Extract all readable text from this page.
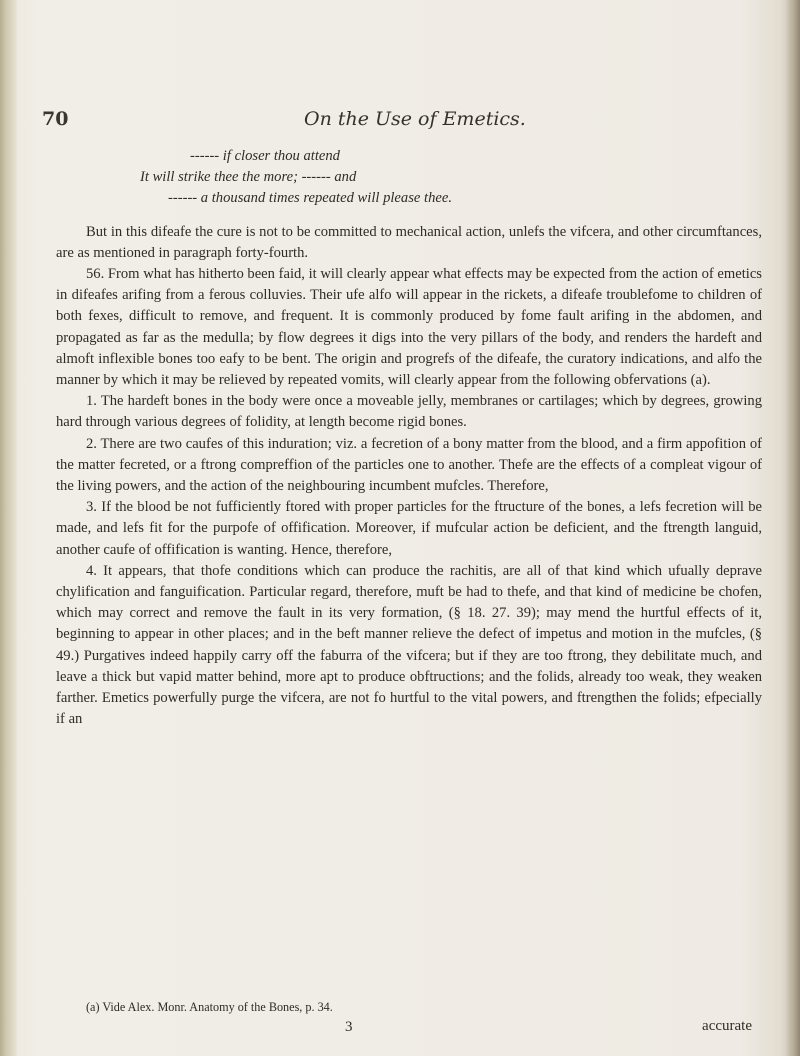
70	On the Use of Emetics.
------ if closer thou attend
It will strike thee the more; ------ and
------ a thousand times repeated will please thee.

But in this difeafe the cure is not to be committed to mechanical action, unlefs the vifcera, and other circumftances, are as mentioned in paragraph forty-fourth.

56. From what has hitherto been faid, it will clearly appear what effects may be expected from the action of emetics in difeafes arifing from a ferous colluvies. Their ufe alfo will appear in the rickets, a difeafe troublefome to children of both fexes, difficult to remove, and frequent. It is commonly produced by fome fault arifing in the abdomen, and propagated as far as the medulla; by flow degrees it digs into the very pillars of the body, and renders the hardeft and almoft inflexible bones too eafy to be bent. The origin and progrefs of the difeafe, the curatory indications, and alfo the manner by which it may be relieved by repeated vomits, will clearly appear from the following obfervations (a).

1. The hardeft bones in the body were once a moveable jelly, membranes or cartilages; which by degrees, growing hard through various degrees of folidity, at length become rigid bones.

2. There are two caufes of this induration; viz. a fecretion of a bony matter from the blood, and a firm appofition of the matter fecreted, or a ftrong compreffion of the particles one to another. Thefe are the effects of a compleat vigour of the living powers, and the action of the neighbouring incumbent mufcles. Therefore,

3. If the blood be not fufficiently ftored with proper particles for the ftructure of the bones, a lefs fecretion will be made, and lefs fit for the purpofe of offification. Moreover, if mufcular action be deficient, and the ftrength languid, another caufe of offification is wanting. Hence, therefore,

4. It appears, that thofe conditions which can produce the rachitis, are all of that kind which ufually deprave chylification and fanguification. Particular regard, therefore, muft be had to thefe, and that kind of medicine be chofen, which may correct and remove the fault in its very formation, (§ 18. 27. 39); may mend the hurtful effects of it, beginning to appear in other places; and in the beft manner relieve the defect of impetus and motion in the mufcles, (§ 49.) Purgatives indeed happily carry off the faburra of the vifcera; but if they are too ftrong, they debilitate much, and leave a thick but vapid matter behind, more apt to produce obftructions; and the folids, already too weak, they weaken farther. Emetics powerfully purge the vifcera, are not fo hurtful to the vital powers, and ftrengthen the folids; efpecially if an

(a) Vide Alex. Monr. Anatomy of the Bones, p. 34.
3	accurate
